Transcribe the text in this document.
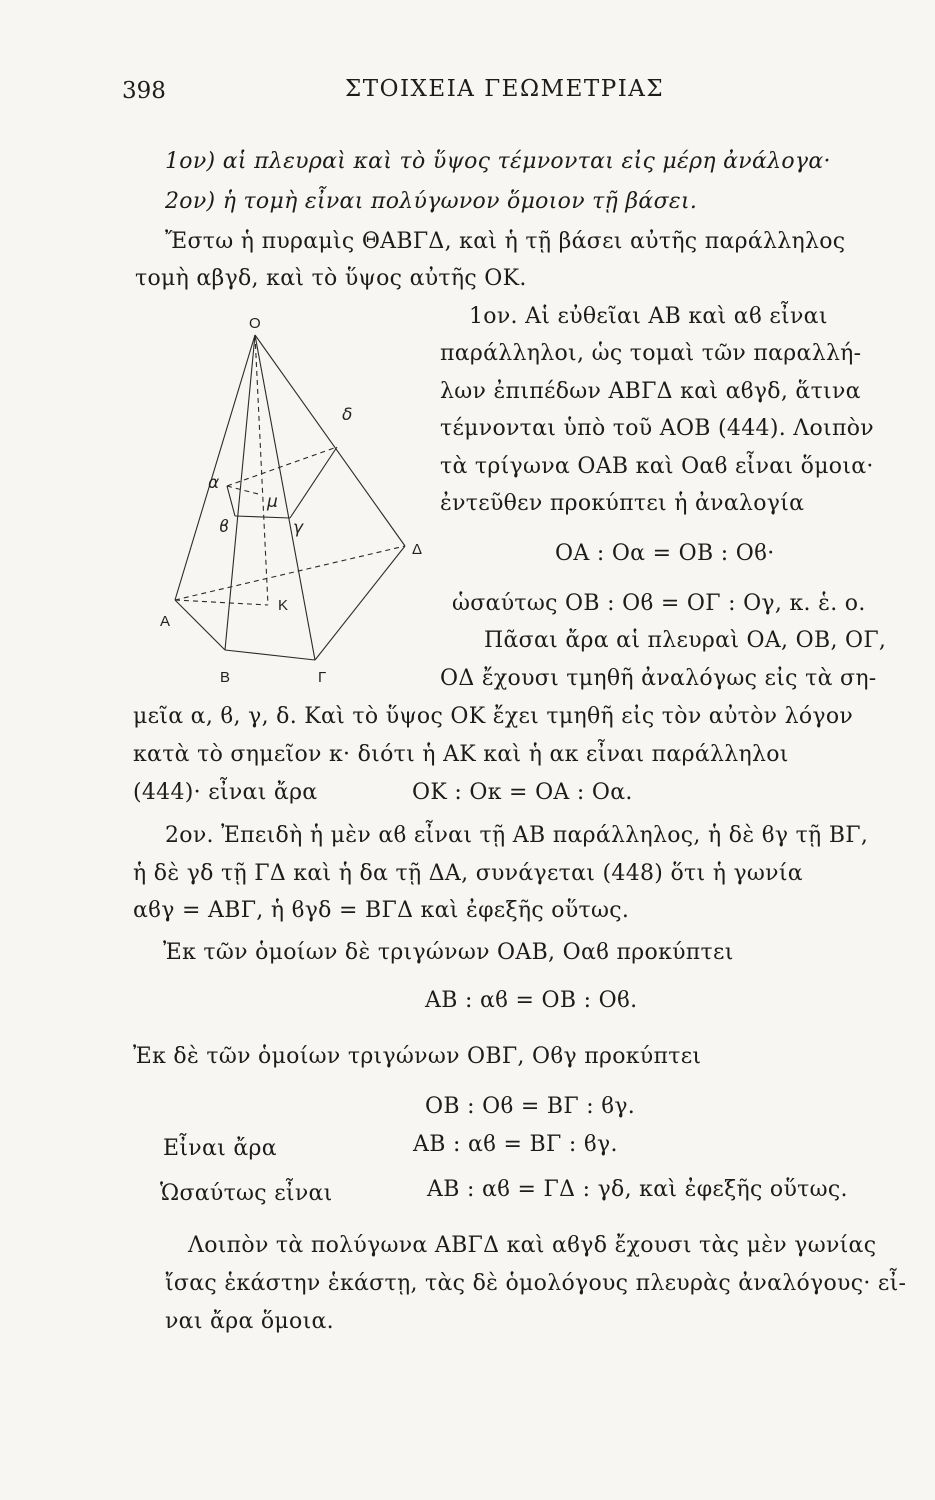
398	ΣΤΟΙΧΕΙΑ ΓΕΩΜΕΤΡΙΑΣ
1ον) αἱ πλευραὶ καὶ τὸ ὕψος τέμνονται εἰς μέρη ἀνάλογα·
2ον) ἡ τομὴ εἶναι πολύγωνον ὅμοιον τῇ βάσει.
Ἔστω ἡ πυραμὶς ΘΑΒΓΔ, καὶ ἡ τῇ βάσει αὐτῆς παράλληλος
τομὴ αβγδ, καὶ τὸ ὕψος αὐτῆς ΟΚ.
1ον. Αἱ εὐθεῖαι ΑΒ καὶ αϐ εἶναι
παράλληλοι, ὡς τομαὶ τῶν παραλλή-
λων ἐπιπέδων ΑΒΓΔ καὶ αϐγδ, ἅτινα
τέμνονται ὑπὸ τοῦ ΑΟΒ (444). Λοιπὸν
τὰ τρίγωνα ΟΑΒ καὶ Οαϐ εἶναι ὅμοια·
ἐντεῦθεν προκύπτει ἡ ἀναλογία
ΟΑ : Οα = ΟΒ : Οϐ·
ὡσαύτως ΟΒ : Οϐ = ΟΓ : Ογ, κ. ἑ. ο.
Πᾶσαι ἄρα αἱ πλευραὶ ΟΑ, ΟΒ, ΟΓ,
ΟΔ ἔχουσι τμηθῆ ἀναλόγως εἰς τὰ ση-
μεῖα α, ϐ, γ, δ. Καὶ τὸ ὕψος ΟΚ ἔχει τμηθῆ εἰς τὸν αὐτὸν λόγον
κατὰ τὸ σημεῖον κ· διότι ἡ ΑΚ καὶ ἡ ακ εἶναι παράλληλοι
(444)· εἶναι ἄρα	ΟΚ : Οκ = ΟΑ : Οα.
2ον. Ἐπειδὴ ἡ μὲν αϐ εἶναι τῇ ΑΒ παράλληλος, ἡ δὲ ϐγ τῇ ΒΓ,
ἡ δὲ γδ τῇ ΓΔ καὶ ἡ δα τῇ ΔΑ, συνάγεται (448) ὅτι ἡ γωνία
αϐγ = ΑΒΓ, ἡ ϐγδ = ΒΓΔ καὶ ἐφεξῆς οὕτως.
Ἐκ τῶν ὁμοίων δὲ τριγώνων ΟΑΒ, Οαϐ προκύπτει
ΑΒ : αϐ = ΟΒ : Οϐ.
Ἐκ δὲ τῶν ὁμοίων τριγώνων ΟΒΓ, Οϐγ προκύπτει
ΟΒ : Οϐ = ΒΓ : ϐγ.
Εἶναι ἄρα	ΑΒ : αϐ = ΒΓ : ϐγ.
Ὡσαύτως εἶναι	ΑΒ : αϐ = ΓΔ : γδ, καὶ ἐφεξῆς οὕτως.
Λοιπὸν τὰ πολύγωνα ΑΒΓΔ καὶ αϐγδ ἔχουσι τὰς μὲν γωνίας
ἴσας ἑκάστην ἑκάστῃ, τὰς δὲ ὁμολόγους πλευρὰς ἀναλόγους· εἶ-
ναι ἄρα ὅμοια.
O
α
ϐ
μ
γ
δ
Δ
A
K
B	Γ
